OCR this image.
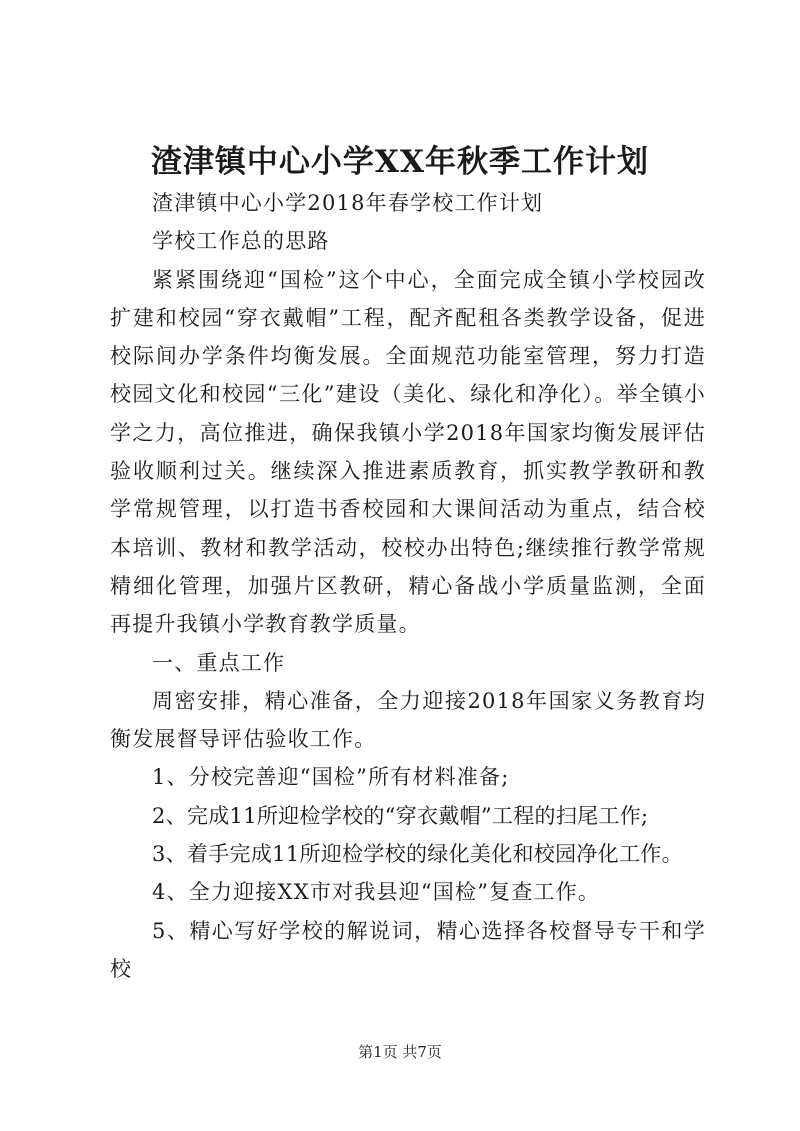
渣津镇中心小学XX年秋季工作计划

渣津镇中心小学2018年春学校工作计划

学校工作总的思路

紧紧围绕迎“国检”这个中心，全面完成全镇小学校园改扩建和校园“穿衣戴帽”工程，配齐配租各类教学设备，促进校际间办学条件均衡发展。全面规范功能室管理，努力打造校园文化和校园“三化”建设（美化、绿化和净化）。举全镇小学之力，高位推进，确保我镇小学2018年国家均衡发展评估验收顺利过关。继续深入推进素质教育，抓实教学教研和教学常规管理，以打造书香校园和大课间活动为重点，结合校本培训、教材和教学活动，校校办出特色;继续推行教学常规精细化管理，加强片区教研，精心备战小学质量监测，全面再提升我镇小学教育教学质量。

一、重点工作

周密安排，精心准备，全力迎接2018年国家义务教育均衡发展督导评估验收工作。

1、分校完善迎“国检”所有材料准备;

2、完成11所迎检学校的“穿衣戴帽”工程的扫尾工作;

3、着手完成11所迎检学校的绿化美化和校园净化工作。

4、全力迎接XX市对我县迎“国检”复查工作。

5、精心写好学校的解说词，精心选择各校督导专干和学校

第1页 共7页
